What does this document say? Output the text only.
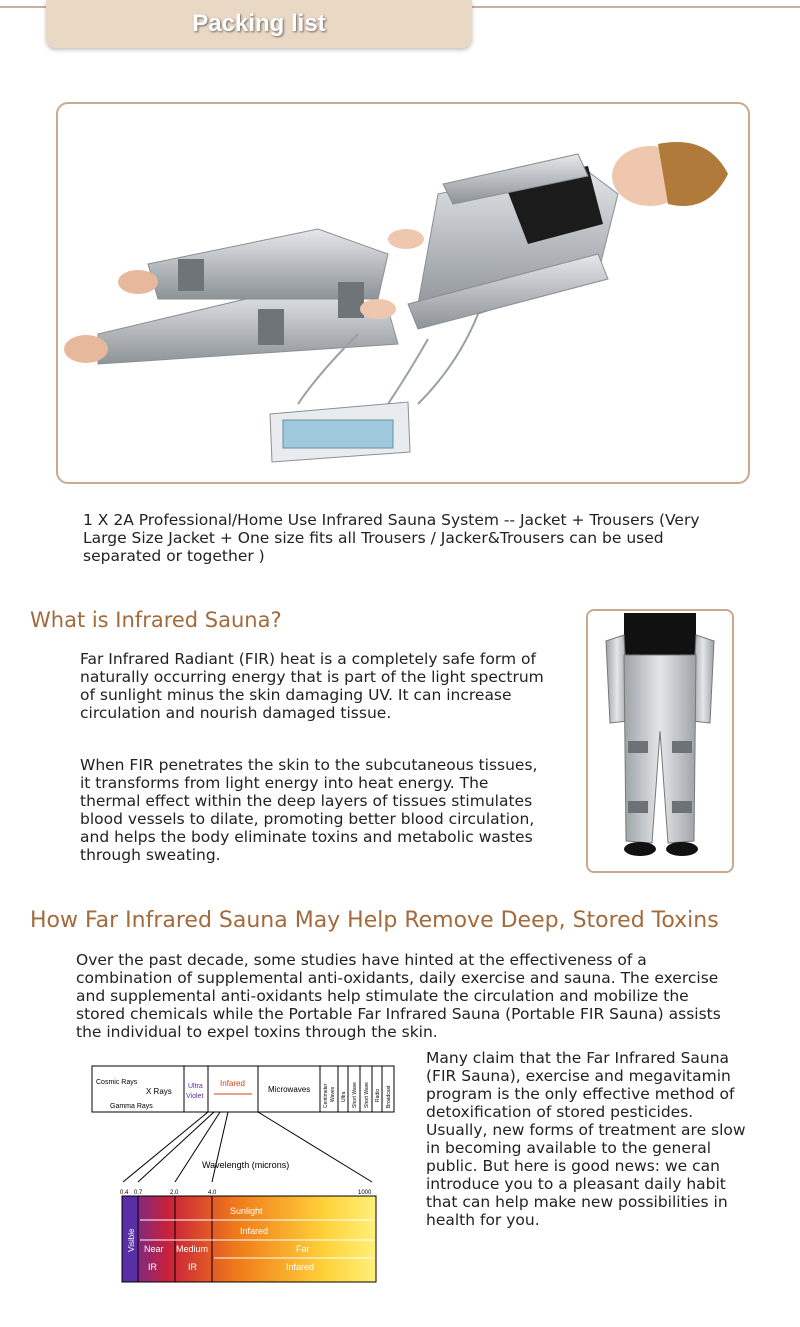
Packing list
1 X 2A Professional/Home Use Infrared Sauna System -- Jacket + Trousers (Very Large Size Jacket + One size fits all Trousers / Jacker&Trousers can be used separated or together )
What is Infrared Sauna?
Far Infrared Radiant (FIR) heat is a completely safe form of naturally occurring energy that is part of the light spectrum of sunlight minus the skin damaging UV. It can increase circulation and nourish damaged tissue.
When FIR penetrates the skin to the subcutaneous tissues, it transforms from light energy into heat energy. The thermal effect within the deep layers of tissues stimulates blood vessels to dilate, promoting better blood circulation, and helps the body eliminate toxins and metabolic wastes through sweating.
How Far Infrared Sauna May Help Remove Deep, Stored Toxins
Over the past decade, some studies have hinted at the effectiveness of a combination of supplemental anti-oxidants, daily exercise and sauna. The exercise and supplemental anti-oxidants help stimulate the circulation and mobilize the stored chemicals while the Portable Far Infrared Sauna (Portable FIR Sauna) assists the individual to expel toxins through the skin.
Many claim that the Far Infrared Sauna (FIR Sauna), exercise and megavitamin program is the only effective method of detoxification of stored pesticides. Usually, new forms of treatment are slow in becoming available to the general public. But here is good news: we can introduce you to a pleasant daily habit that can help make new possibilities in health for you.
Cosmic Rays
X Rays
Gamma Rays
Ultra
Violet
Infared
Microwaves	Centimeter Waves Ultra Short Wave Short Wave Radio Broadcast
Wavelength (microns)
0.4 0.7	2.0	4.0	1000
Visible Near
IR
Medium
IR
Sunlight
Infared
Far
Infared
